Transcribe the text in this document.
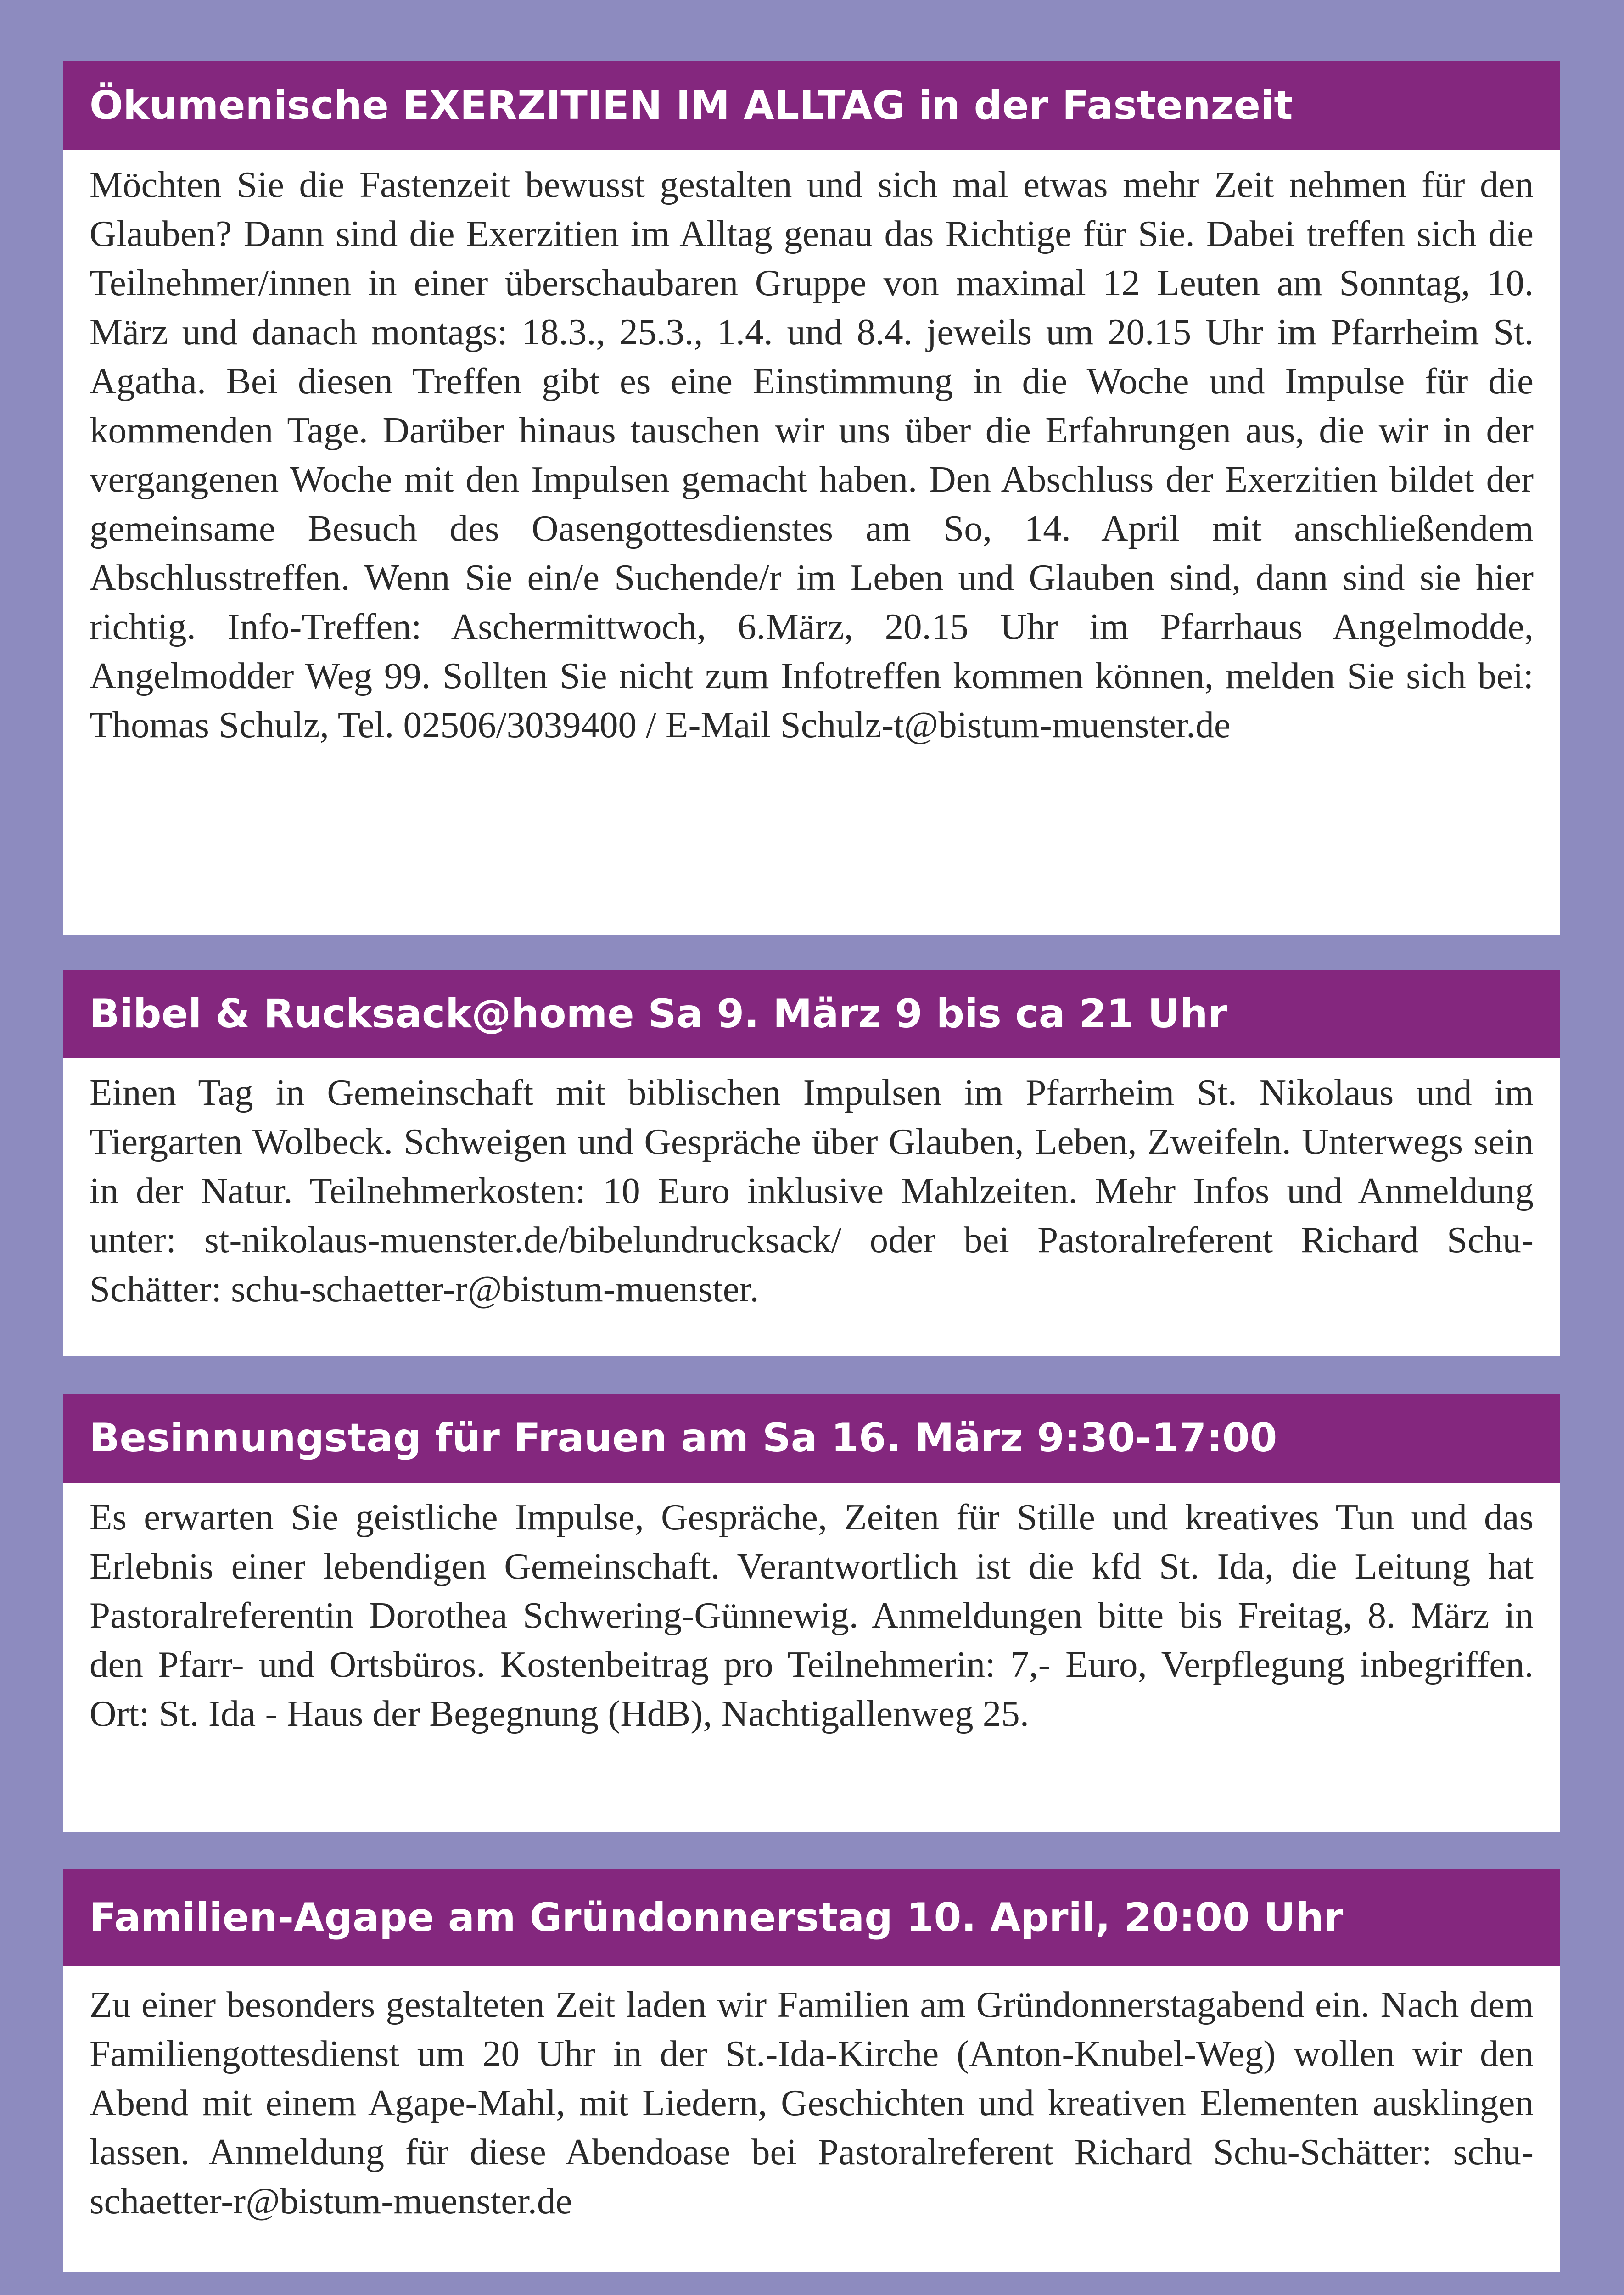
Ökumenische EXERZITIEN IM ALLTAG in der Fastenzeit

Möchten Sie die Fastenzeit bewusst gestalten und sich mal etwas mehr Zeit nehmen für den Glauben? Dann sind die Exerzitien im Alltag genau das Richtige für Sie. Dabei treffen sich die Teilnehmer/innen in einer überschaubaren Gruppe von maximal 12 Leuten am Sonntag, 10. März und danach montags: 18.3., 25.3., 1.4. und 8.4. jeweils um 20.15 Uhr im Pfarrheim St. Agatha. Bei diesen Treffen gibt es eine Einstimmung in die Woche und Impulse für die kommenden Tage. Darüber hinaus tauschen wir uns über die Erfahrungen aus, die wir in der vergangenen Woche mit den Impulsen gemacht haben. Den Abschluss der Exerzitien bildet der gemeinsame Besuch des Oasengottesdienstes am So, 14. April mit anschließendem Abschlusstreffen. Wenn Sie ein/e Suchende/r im Leben und Glauben sind, dann sind sie hier richtig. Info-Treffen: Aschermittwoch, 6.März, 20.15 Uhr im Pfarrhaus Angelmodde, Angelmodder Weg 99. Sollten Sie nicht zum Infotreffen kommen können, melden Sie sich bei: Thomas Schulz, Tel. 02506/3039400 / E-Mail Schulz-t@bistum-muenster.de

Bibel & Rucksack@home Sa 9. März 9 bis ca 21 Uhr

Einen Tag in Gemeinschaft mit biblischen Impulsen im Pfarrheim St. Nikolaus und im Tiergarten Wolbeck. Schweigen und Gespräche über Glauben, Leben, Zweifeln. Unterwegs sein in der Natur. Teilnehmerkosten: 10 Euro inklusive Mahlzeiten. Mehr Infos und Anmeldung unter: st-nikolaus-muenster.de/bibelundrucksack/ oder bei Pastoralreferent Richard Schu-Schätter: schu-schaetter-r@bistum-muenster.

Besinnungstag für Frauen am Sa 16. März 9:30-17:00

Es erwarten Sie geistliche Impulse, Gespräche, Zeiten für Stille und kreatives Tun und das Erlebnis einer lebendigen Gemeinschaft. Verantwortlich ist die kfd St. Ida, die Leitung hat Pastoralreferentin Dorothea Schwering-Günnewig. Anmeldungen bitte bis Freitag, 8. März in den Pfarr- und Ortsbüros. Kostenbeitrag pro Teilnehmerin: 7,- Euro, Verpflegung inbegriffen. Ort: St. Ida - Haus der Begegnung (HdB), Nachtigallenweg 25.

Familien-Agape am Gründonnerstag 10. April, 20:00 Uhr

Zu einer besonders gestalteten Zeit laden wir Familien am Gründonnerstagabend ein. Nach dem Familiengottesdienst um 20 Uhr in der St.-Ida-Kirche (Anton-Knubel-Weg) wollen wir den Abend mit einem Agape-Mahl, mit Liedern, Geschichten und kreativen Elementen ausklingen lassen. Anmeldung für diese Abendoase bei Pastoralreferent Richard Schu-Schätter: schu-schaetter-r@bistum-muenster.de
